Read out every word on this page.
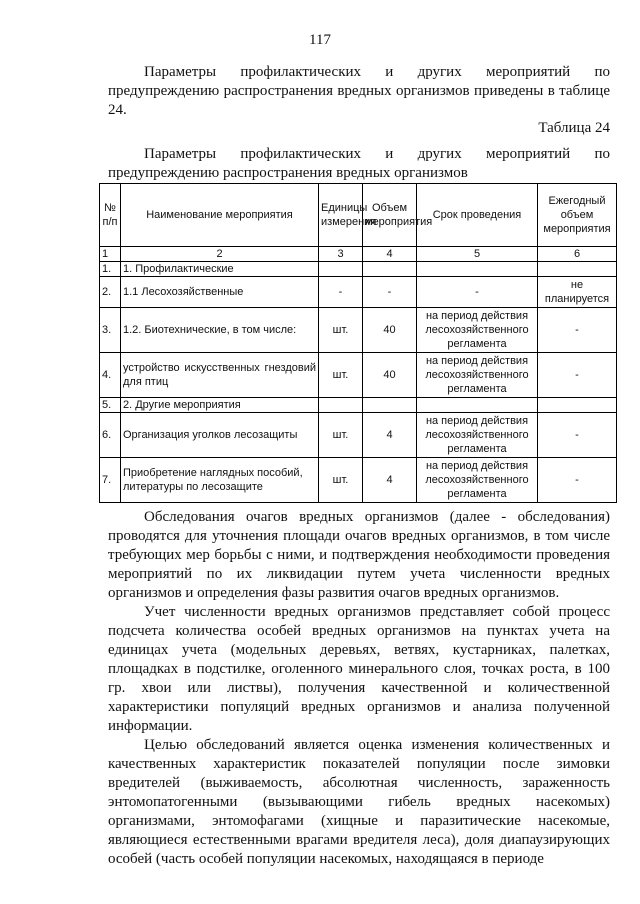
117

Параметры профилактических и других мероприятий по предупреждению распространения вредных организмов приведены в таблице 24.

Таблица 24

Параметры профилактических и других мероприятий по предупреждению распространения вредных организмов

№ п/п	Наименование мероприятия	Единицы измерения	Объем мероприятия	Срок проведения	Ежегодный объем мероприятия
1	2	3	4	5	6
1.	1. Профилактические				
2.	1.1 Лесохозяйственные	-	-	-	не планируется
3.	1.2. Биотехнические, в том числе:	шт.	40	на период действия лесохозяйственного регламента	-
4.	устройство искусственных гнездовий для птиц	шт.	40	на период действия лесохозяйственного регламента	-
5.	2. Другие мероприятия				
6.	Организация уголков лесозащиты	шт.	4	на период действия лесохозяйственного регламента	-
7.	Приобретение наглядных пособий, литературы по лесозащите	шт.	4	на период действия лесохозяйственного регламента	-

Обследования очагов вредных организмов (далее - обследования) проводятся для уточнения площади очагов вредных организмов, в том числе требующих мер борьбы с ними, и подтверждения необходимости проведения мероприятий по их ликвидации путем учета численности вредных организмов и определения фазы развития очагов вредных организмов.

Учет численности вредных организмов представляет собой процесс подсчета количества особей вредных организмов на пунктах учета на единицах учета (модельных деревьях, ветвях, кустарниках, палетках, площадках в подстилке, оголенного минерального слоя, точках роста, в 100 гр. хвои или листвы), получения качественной и количественной характеристики популяций вредных организмов и анализа полученной информации.

Целью обследований является оценка изменения количественных и качественных характеристик показателей популяции после зимовки вредителей (выживаемость, абсолютная численность, зараженность энтомопатогенными (вызывающими гибель вредных насекомых) организмами, энтомофагами (хищные и паразитические насекомые, являющиеся естественными врагами вредителя леса), доля диапаузирующих особей (часть особей популяции насекомых, находящаяся в периоде
